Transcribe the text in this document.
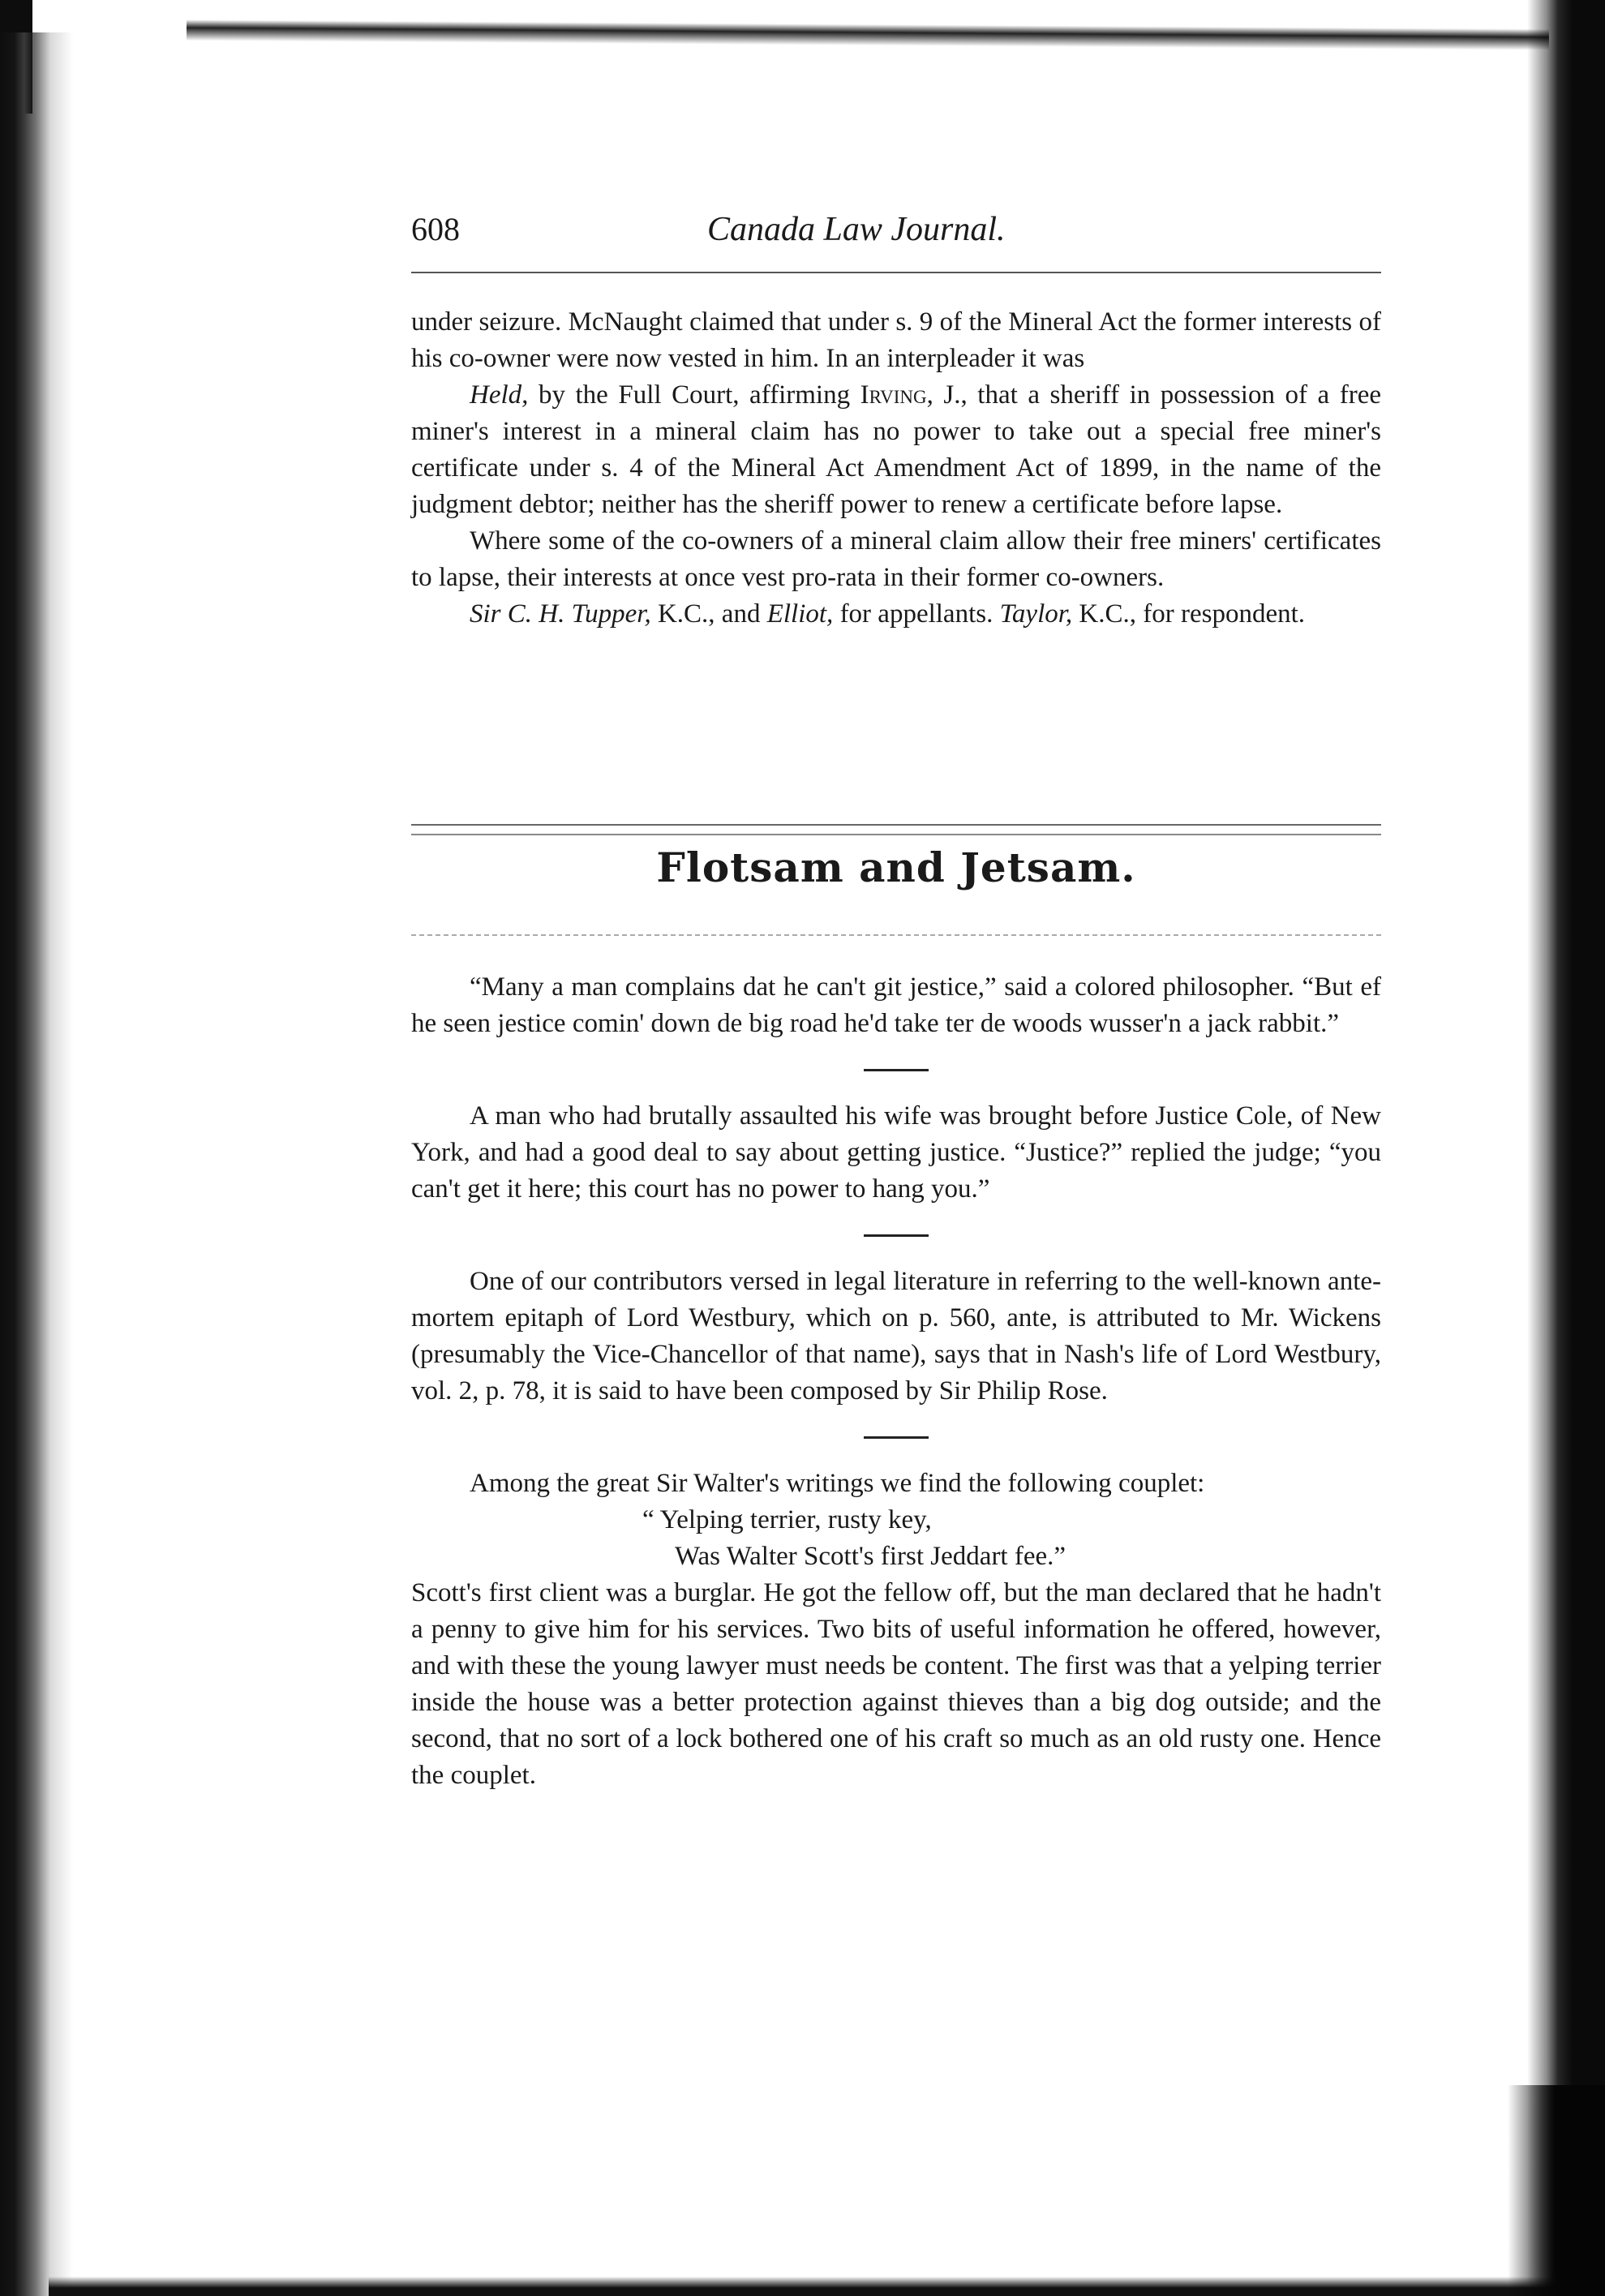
608	Canada Law Journal.

under seizure. McNaught claimed that under s. 9 of the Mineral Act the former interests of his co-owner were now vested in him. In an interpleader it was

Held, by the Full Court, affirming Irving, J., that a sheriff in possession of a free miner's interest in a mineral claim has no power to take out a special free miner's certificate under s. 4 of the Mineral Act Amendment Act of 1899, in the name of the judgment debtor; neither has the sheriff power to renew a certificate before lapse.

Where some of the co-owners of a mineral claim allow their free miners' certificates to lapse, their interests at once vest pro-rata in their former co-owners.

Sir C. H. Tupper, K.C., and Elliot, for appellants. Taylor, K.C., for respondent.

Flotsam and Jetsam.

“Many a man complains dat he can't git jestice,” said a colored philosopher. “But ef he seen jestice comin' down de big road he'd take ter de woods wusser'n a jack rabbit.”

A man who had brutally assaulted his wife was brought before Justice Cole, of New York, and had a good deal to say about getting justice. “Justice?” replied the judge; “you can't get it here; this court has no power to hang you.”

One of our contributors versed in legal literature in referring to the well-known ante-mortem epitaph of Lord Westbury, which on p. 560, ante, is attributed to Mr. Wickens (presumably the Vice-Chancellor of that name), says that in Nash's life of Lord Westbury, vol. 2, p. 78, it is said to have been composed by Sir Philip Rose.

Among the great Sir Walter's writings we find the following couplet:

“ Yelping terrier, rusty key,
Was Walter Scott's first Jeddart fee.”

Scott's first client was a burglar. He got the fellow off, but the man declared that he hadn't a penny to give him for his services. Two bits of useful information he offered, however, and with these the young lawyer must needs be content. The first was that a yelping terrier inside the house was a better protection against thieves than a big dog outside; and the second, that no sort of a lock bothered one of his craft so much as an old rusty one. Hence the couplet.
